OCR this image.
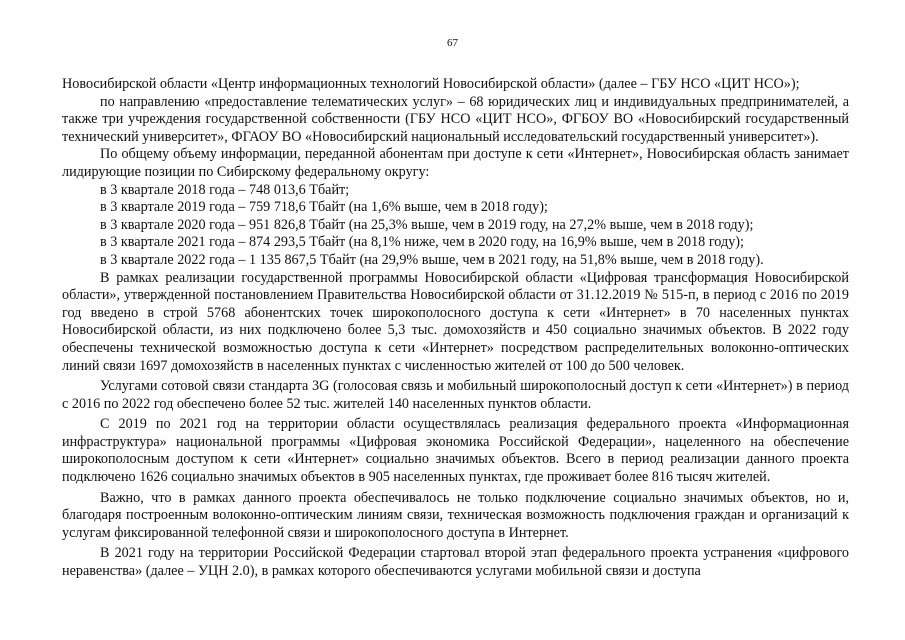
67

Новосибирской области «Центр информационных технологий Новосибирской области» (далее – ГБУ НСО «ЦИТ НСО»);

по направлению «предоставление телематических услуг» – 68 юридических лиц и индивидуальных предпринимателей, а также три учреждения государственной собственности (ГБУ НСО «ЦИТ НСО», ФГБОУ ВО «Новосибирский государственный технический университет», ФГАОУ ВО «Новосибирский национальный исследовательский государственный университет»).

По общему объему информации, переданной абонентам при доступе к сети «Интернет», Новосибирская область занимает лидирующие позиции по Сибирскому федеральному округу:

в 3 квартале 2018 года – 748 013,6 Тбайт;

в 3 квартале 2019 года – 759 718,6 Тбайт (на 1,6% выше, чем в 2018 году);

в 3 квартале 2020 года – 951 826,8 Тбайт (на 25,3% выше, чем в 2019 году, на 27,2% выше, чем в 2018 году);

в 3 квартале 2021 года – 874 293,5 Тбайт (на 8,1% ниже, чем в 2020 году, на 16,9% выше, чем в 2018 году);

в 3 квартале 2022 года – 1 135 867,5 Тбайт (на 29,9% выше, чем в 2021 году, на 51,8% выше, чем в 2018 году).

В рамках реализации государственной программы Новосибирской области «Цифровая трансформация Новосибирской области», утвержденной постановлением Правительства Новосибирской области от 31.12.2019 № 515-п, в период с 2016 по 2019 год введено в строй 5768 абонентских точек широкополосного доступа к сети «Интернет» в 70 населенных пунктах Новосибирской области, из них подключено более 5,3 тыс. домохозяйств и 450 социально значимых объектов. В 2022 году обеспечены технической возможностью доступа к сети «Интернет» посредством распределительных волоконно-оптических линий связи 1697 домохозяйств в населенных пунктах с численностью жителей от 100 до 500 человек.

Услугами сотовой связи стандарта 3G (голосовая связь и мобильный широкополосный доступ к сети «Интернет») в период с 2016 по 2022 год обеспечено более 52 тыс. жителей 140 населенных пунктов области.

С 2019 по 2021 год на территории области осуществлялась реализация федерального проекта «Информационная инфраструктура» национальной программы «Цифровая экономика Российской Федерации», нацеленного на обеспечение широкополосным доступом к сети «Интернет» социально значимых объектов. Всего в период реализации данного проекта подключено 1626 социально значимых объектов в 905 населенных пунктах, где проживает более 816 тысяч жителей.

Важно, что в рамках данного проекта обеспечивалось не только подключение социально значимых объектов, но и, благодаря построенным волоконно-оптическим линиям связи, техническая возможность подключения граждан и организаций к услугам фиксированной телефонной связи и широкополосного доступа в Интернет.

В 2021 году на территории Российской Федерации стартовал второй этап федерального проекта устранения «цифрового неравенства» (далее – УЦН 2.0), в рамках которого обеспечиваются услугами мобильной связи и доступа
